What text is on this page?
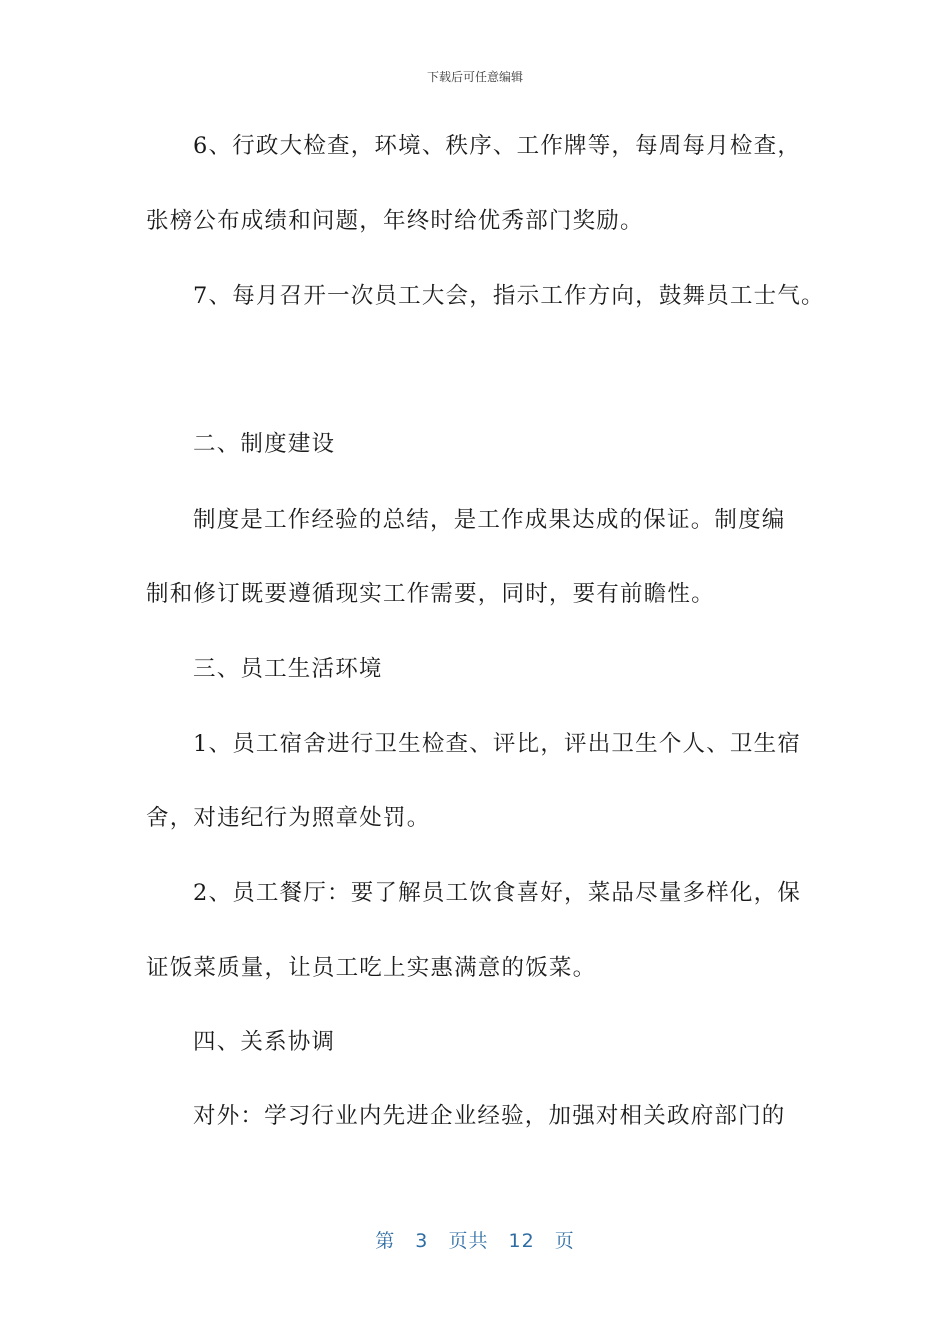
下载后可任意编辑
6、行政大检查，环境、秩序、工作牌等，每周每月检查，
张榜公布成绩和问题，年终时给优秀部门奖励。
7、每月召开一次员工大会，指示工作方向，鼓舞员工士气。
二、制度建设
制度是工作经验的总结，是工作成果达成的保证。制度编
制和修订既要遵循现实工作需要，同时，要有前瞻性。
三、员工生活环境
1、员工宿舍进行卫生检查、评比，评出卫生个人、卫生宿
舍，对违纪行为照章处罚。
2、员工餐厅：要了解员工饮食喜好，菜品尽量多样化，保
证饭菜质量，让员工吃上实惠满意的饭菜。
四、关系协调
对外：学习行业内先进企业经验，加强对相关政府部门的
第 3 页共 12 页
